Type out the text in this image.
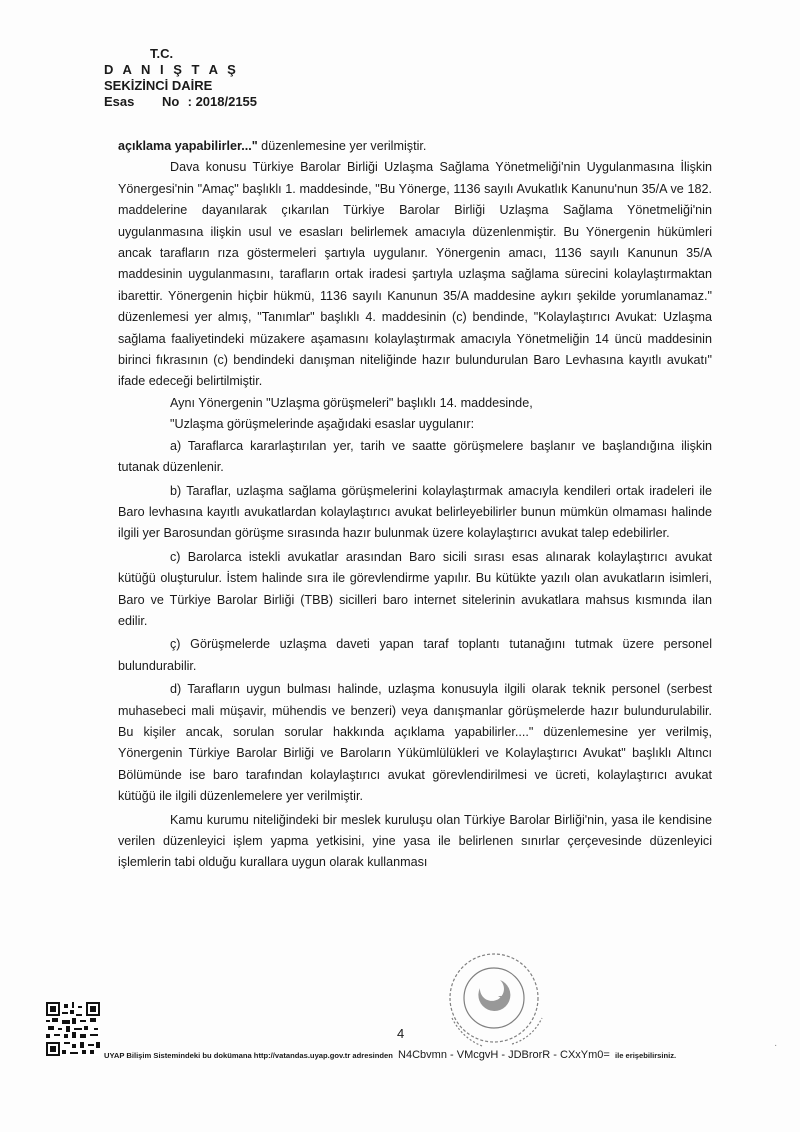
T.C.
D A N I Ş T A Ş
SEKİZİNCİ DAİRE
Esas No : 2018/2155

açıklama yapabilirler..." düzenlemesine yer verilmiştir.

Dava konusu Türkiye Barolar Birliği Uzlaşma Sağlama Yönetmeliği'nin Uygulanmasına İlişkin Yönergesi'nin "Amaç" başlıklı 1. maddesinde, "Bu Yönerge, 1136 sayılı Avukatlık Kanunu'nun 35/A ve 182. maddelerine dayanılarak çıkarılan Türkiye Barolar Birliği Uzlaşma Sağlama Yönetmeliği'nin uygulanmasına ilişkin usul ve esasları belirlemek amacıyla düzenlenmiştir. Bu Yönergenin hükümleri ancak tarafların rıza göstermeleri şartıyla uygulanır. Yönergenin amacı, 1136 sayılı Kanunun 35/A maddesinin uygulanmasını, tarafların ortak iradesi şartıyla uzlaşma sağlama sürecini kolaylaştırmaktan ibarettir. Yönergenin hiçbir hükmü, 1136 sayılı Kanunun 35/A maddesine aykırı şekilde yorumlanamaz." düzenlemesi yer almış, "Tanımlar" başlıklı 4. maddesinin (c) bendinde, "Kolaylaştırıcı Avukat: Uzlaşma sağlama faaliyetindeki müzakere aşamasını kolaylaştırmak amacıyla Yönetmeliğin 14 üncü maddesinin birinci fıkrasının (c) bendindeki danışman niteliğinde hazır bulundurulan Baro Levhasına kayıtlı avukatı" ifade edeceği belirtilmiştir.

Aynı Yönergenin "Uzlaşma görüşmeleri" başlıklı 14. maddesinde,

"Uzlaşma görüşmelerinde aşağıdaki esaslar uygulanır:

a) Taraflarca kararlaştırılan yer, tarih ve saatte görüşmelere başlanır ve başlandığına ilişkin tutanak düzenlenir.

b) Taraflar, uzlaşma sağlama görüşmelerini kolaylaştırmak amacıyla kendileri ortak iradeleri ile Baro levhasına kayıtlı avukatlardan kolaylaştırıcı avukat belirleyebilirler bunun mümkün olmaması halinde ilgili yer Barosundan görüşme sırasında hazır bulunmak üzere kolaylaştırıcı avukat talep edebilirler.

c) Barolarca istekli avukatlar arasından Baro sicili sırası esas alınarak kolaylaştırıcı avukat kütüğü oluşturulur. İstem halinde sıra ile görevlendirme yapılır. Bu kütükte yazılı olan avukatların isimleri, Baro ve Türkiye Barolar Birliği (TBB) sicilleri baro internet sitelerinin avukatlara mahsus kısmında ilan edilir.

ç) Görüşmelerde uzlaşma daveti yapan taraf toplantı tutanağını tutmak üzere personel bulundurabilir.

d) Tarafların uygun bulması halinde, uzlaşma konusuyla ilgili olarak teknik personel (serbest muhasebeci mali müşavir, mühendis ve benzeri) veya danışmanlar görüşmelerde hazır bulundurulabilir. Bu kişiler ancak, sorulan sorular hakkında açıklama yapabilirler...." düzenlemesine yer verilmiş, Yönergenin Türkiye Barolar Birliği ve Baroların Yükümlülükleri ve Kolaylaştırıcı Avukat" başlıklı Altıncı Bölümünde ise baro tarafından kolaylaştırıcı avukat görevlendirilmesi ve ücreti, kolaylaştırıcı avukat kütüğü ile ilgili düzenlemelere yer verilmiştir.

Kamu kurumu niteliğindeki bir meslek kuruluşu olan Türkiye Barolar Birliği'nin, yasa ile kendisine verilen düzenleyici işlem yapma yetkisini, yine yasa ile belirlenen sınırlar çerçevesinde düzenleyici işlemlerin tabi olduğu kurallara uygun olarak kullanması

4
UYAP Bilişim Sistemindeki bu dokümana http://vatandas.uyap.gov.tr adresinden N4Cbvmn - VMcgvH - JDBrorR - CXxYm0= ile erişebilirsiniz.
·
